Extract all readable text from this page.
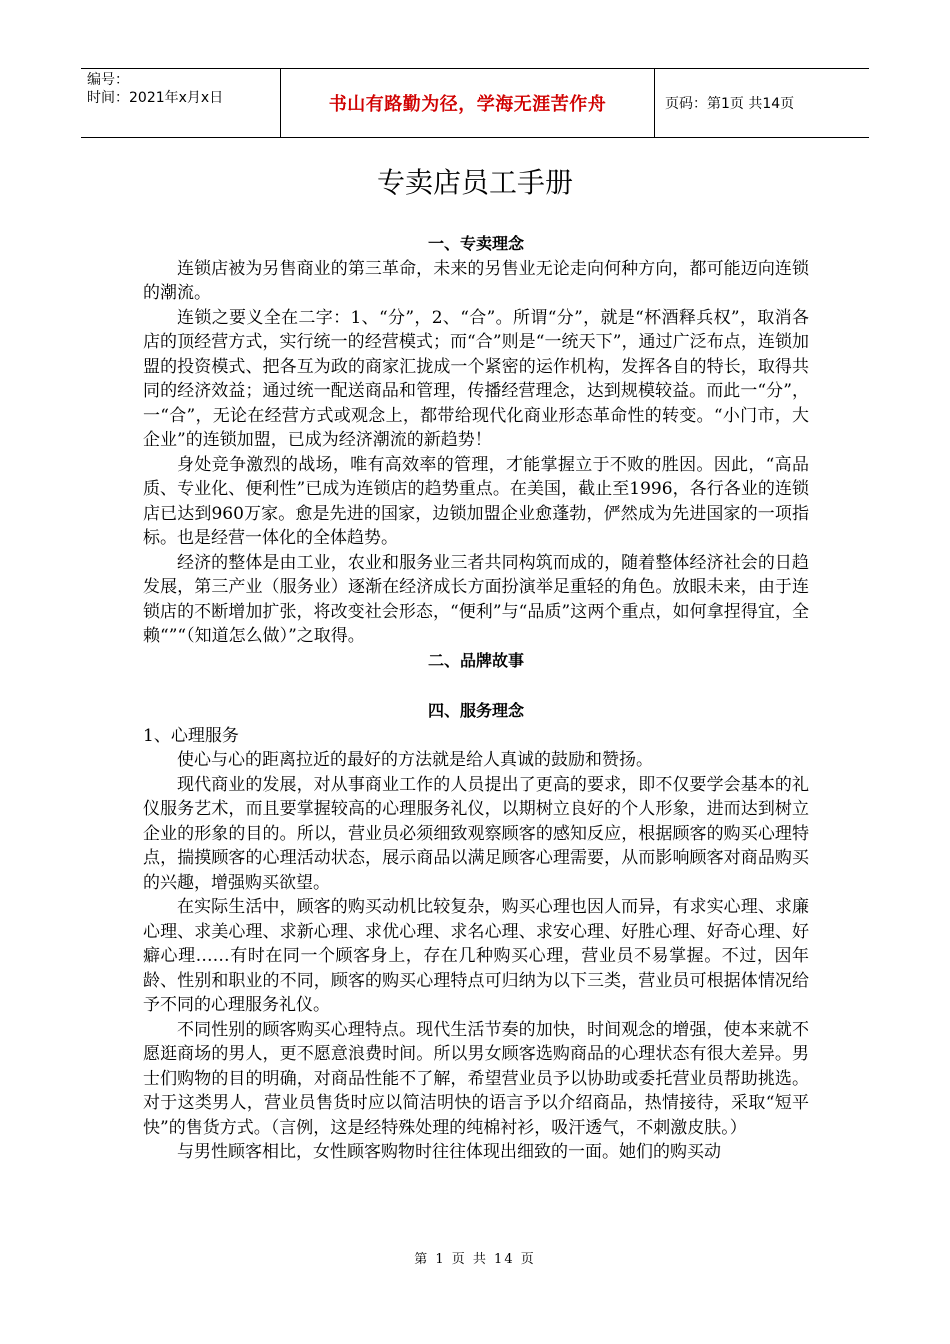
编号：
时间：2021年x月x日	书山有路勤为径，学海无涯苦作舟	页码：第1页 共14页
专卖店员工手册

一、专卖理念

连锁店被为另售商业的第三革命，未来的另售业无论走向何种方向，都可能迈向连锁的潮流。

连锁之要义全在二字：1、“分”，2、“合”。所谓“分”，就是“杯酒释兵权”，取消各店的顶经营方式，实行统一的经营模式；而“合”则是“一统天下”，通过广泛布点，连锁加盟的投资模式、把各互为政的商家汇拢成一个紧密的运作机构，发挥各自的特长，取得共同的经济效益；通过统一配送商品和管理，传播经营理念，达到规模较益。而此一“分”，一“合”，无论在经营方式或观念上，都带给现代化商业形态革命性的转变。“小门市，大企业”的连锁加盟，已成为经济潮流的新趋势！

身处竞争激烈的战场，唯有高效率的管理，才能掌握立于不败的胜因。因此，“高品质、专业化、便利性”已成为连锁店的趋势重点。在美国，截止至1996，各行各业的连锁店已达到960万家。愈是先进的国家，边锁加盟企业愈蓬勃，俨然成为先进国家的一项指标。也是经营一体化的全体趋势。

经济的整体是由工业，农业和服务业三者共同构筑而成的，随着整体经济社会的日趋发展，第三产业（服务业）逐渐在经济成长方面扮演举足重轻的角色。放眼未来，由于连锁店的不断增加扩张，将改变社会形态，“便利”与“品质”这两个重点，如何拿捏得宜，全赖“”“（知道怎么做）”之取得。

二、品牌故事

四、服务理念

1、心理服务

使心与心的距离拉近的最好的方法就是给人真诚的鼓励和赞扬。

现代商业的发展，对从事商业工作的人员提出了更高的要求，即不仅要学会基本的礼仪服务艺术，而且要掌握较高的心理服务礼仪，以期树立良好的个人形象，进而达到树立企业的形象的目的。所以，营业员必须细致观察顾客的感知反应，根据顾客的购买心理特点，揣摸顾客的心理活动状态，展示商品以满足顾客心理需要，从而影响顾客对商品购买的兴趣，增强购买欲望。

在实际生活中，顾客的购买动机比较复杂，购买心理也因人而异，有求实心理、求廉心理、求美心理、求新心理、求优心理、求名心理、求安心理、好胜心理、好奇心理、好癖心理……有时在同一个顾客身上，存在几种购买心理，营业员不易掌握。不过，因年龄、性别和职业的不同，顾客的购买心理特点可归纳为以下三类，营业员可根据体情况给予不同的心理服务礼仪。

不同性别的顾客购买心理特点。现代生活节奏的加快，时间观念的增强，使本来就不愿逛商场的男人，更不愿意浪费时间。所以男女顾客选购商品的心理状态有很大差异。男士们购物的目的明确，对商品性能不了解，希望营业员予以协助或委托营业员帮助挑选。对于这类男人，营业员售货时应以简洁明快的语言予以介绍商品，热情接待，采取“短平快”的售货方式。（言例，这是经特殊处理的纯棉衬衫，吸汗透气，不刺激皮肤。）

与男性顾客相比，女性顾客购物时往往体现出细致的一面。她们的购买动

第 1 页 共 14 页
